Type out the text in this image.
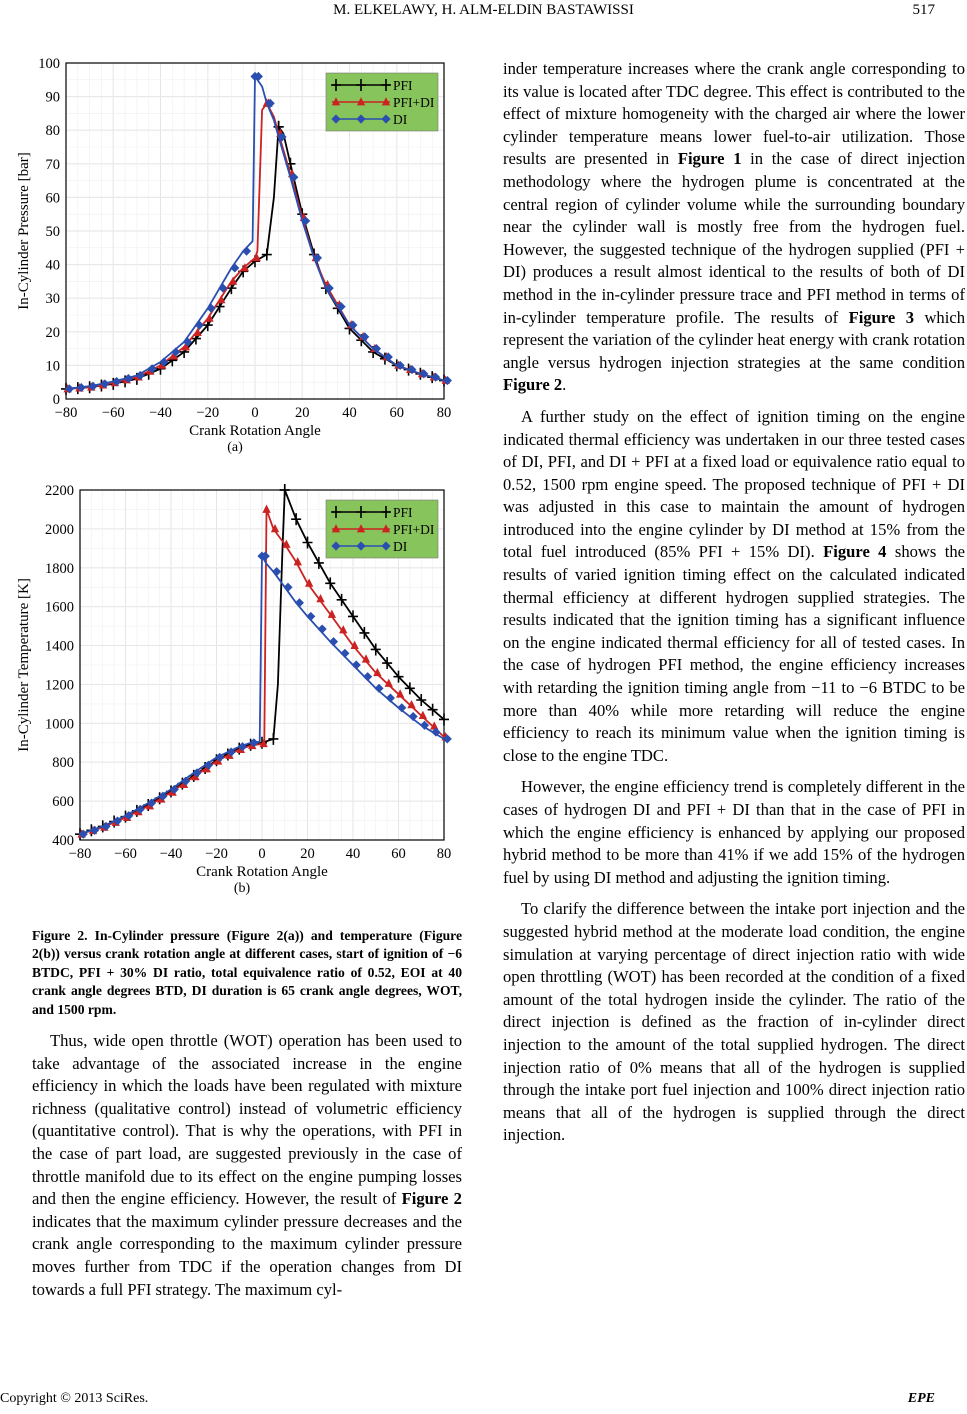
M. ELKELAWY, H. ALM-ELDIN BASTAWISSI	517
−80 −60 −40 −20 0	20 40 60 80
0
10
20
30
40
50
60
70
80
90
100
Crank Rotation Angle
In-Cylinder Pressure [bar]
(a)
PFI
PFI+DI
DI
−80 −60 −40 −20 0 20 40 60 80
400
600
800
1000
1200
1400
1600
1800
2000
2200
Crank Rotation Angle
In-Cylinder Temperature [K]
(b)
PFI
PFI+DI
DI
Figure 2. In-Cylinder pressure (Figure 2(a)) and temperature (Figure 2(b)) versus crank rotation angle at different cases, start of ignition of −6 BTDC, PFI + 30% DI ratio, total equivalence ratio of 0.52, EOI at 40 crank angle degrees BTD, DI duration is 65 crank angle degrees, WOT, and 1500 rpm.

Thus, wide open throttle (WOT) operation has been used to take advantage of the associated increase in the engine efficiency in which the loads have been regulated with mixture richness (qualitative control) instead of volumetric efficiency (quantitative control). That is why the operations, with PFI in the case of part load, are suggested previously in the case of throttle manifold due to its effect on the engine pumping losses and then the engine efficiency. However, the result of Figure 2 indicates that the maximum cylinder pressure decreases and the crank angle corresponding to the maximum cylinder pressure moves further from TDC if the operation changes from DI towards a full PFI strategy. The maximum cyl-

inder temperature increases where the crank angle corresponding to its value is located after TDC degree. This effect is contributed to the effect of mixture homogeneity with the charged air where the lower cylinder temperature means lower fuel-to-air utilization. Those results are presented in Figure 1 in the case of direct injection methodology where the hydrogen plume is concentrated at the central region of cylinder volume while the surrounding boundary near the cylinder wall is mostly free from the hydrogen fuel. However, the suggested technique of the hydrogen supplied (PFI + DI) produces a result almost identical to the results of both of DI method in the in-cylinder pressure trace and PFI method in terms of in-cylinder temperature profile. The results of Figure 3 which represent the variation of the cylinder heat energy with crank rotation angle versus hydrogen injection strategies at the same condition Figure 2.

A further study on the effect of ignition timing on the engine indicated thermal efficiency was undertaken in our three tested cases of DI, PFI, and DI + PFI at a fixed load or equivalence ratio equal to 0.52, 1500 rpm engine speed. The proposed technique of PFI + DI was adjusted in this case to maintain the amount of hydrogen introduced into the engine cylinder by DI method at 15% from the total fuel introduced (85% PFI + 15% DI). Figure 4 shows the results of varied ignition timing effect on the calculated indicated thermal efficiency at different hydrogen supplied strategies. The results indicated that the ignition timing has a significant influence on the engine indicated thermal efficiency for all of tested cases. In the case of hydrogen PFI method, the engine efficiency increases with retarding the ignition timing angle from −11 to −6 BTDC to be more than 40% while more retarding will reduce the engine efficiency to reach its minimum value when the ignition timing is close to the engine TDC.

However, the engine efficiency trend is completely different in the cases of hydrogen DI and PFI + DI than that in the case of PFI in which the engine efficiency is enhanced by applying our proposed hybrid method to be more than 41% if we add 15% of the hydrogen fuel by using DI method and adjusting the ignition timing.

To clarify the difference between the intake port injection and the suggested hybrid method at the moderate load condition, the engine simulation at varying percentage of direct injection ratio with wide open throttling (WOT) has been recorded at the condition of a fixed amount of the total hydrogen inside the cylinder. The ratio of the direct injection is defined as the fraction of in-cylinder direct injection to the amount of the total supplied hydrogen. The direct injection ratio of 0% means that all of the hydrogen is supplied through the intake port fuel injection and 100% direct injection ratio means that all of the hydrogen is supplied through the direct injection.

Copyright © 2013 SciRes.	EPE
